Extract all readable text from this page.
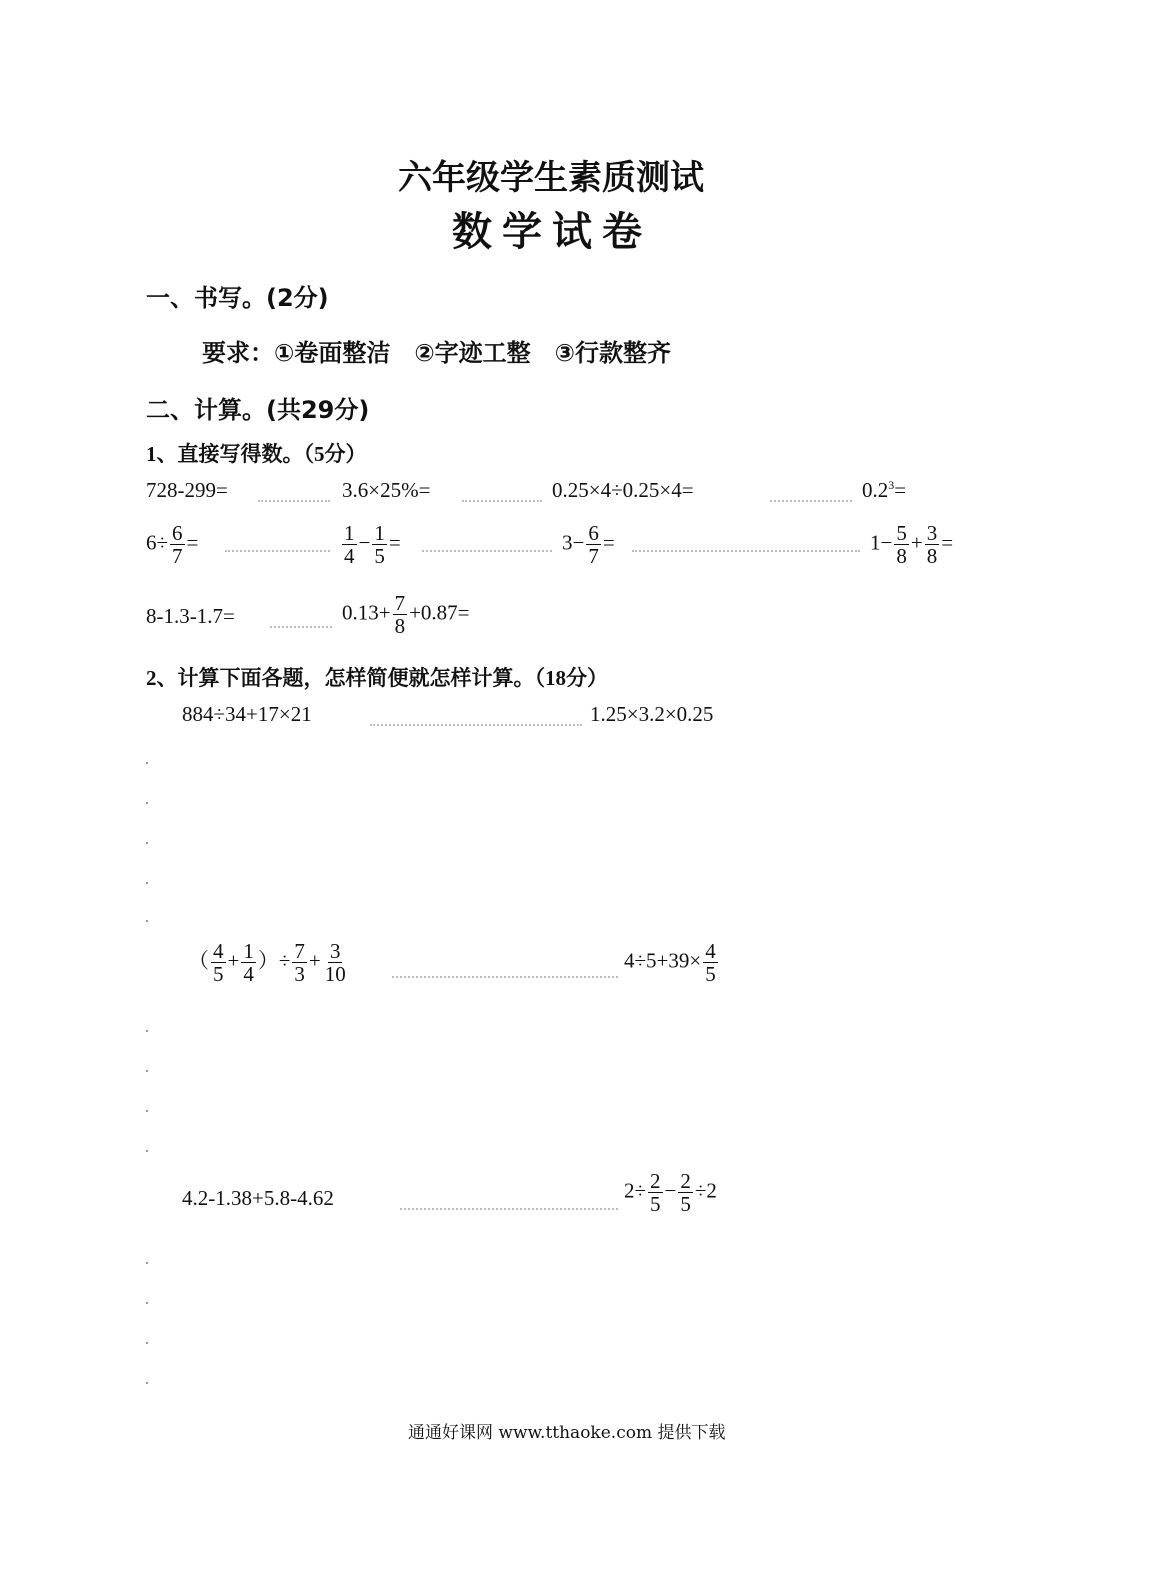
六年级学生素质测试
数学试卷
一、书写。(2分)
要求：①卷面整洁　②字迹工整　③行款整齐
二、计算。(共29分)
1、直接写得数。（5分）
728-299=	3.6×25%=	0.25×4÷0.25×4=	$0.2^3=$
$6\div \frac{6}{7}$ =	$\frac{1}{4} - \frac{1}{5}$ =	$3- \frac{6}{7}$ =	$1- \frac{5}{8} + \frac{3}{8}$ =
8-1.3-1.7=	$0.13+ \frac{7}{8} +0.87=$
2、计算下面各题，怎样简便就怎样计算。（18分）
884÷34+17×21	1.25×3.2×0.25
（ $\frac{4}{5} + \frac{1}{4}$ ）÷ $\frac{7}{3} + \frac{3}{10}$	$4\div 5+39\times \frac{4}{5}$
4.2-1.38+5.8-4.62	$2\div \frac{2}{5} - \frac{2}{5} \div 2$
通通好课网 www.tthaoke.com 提供下载
